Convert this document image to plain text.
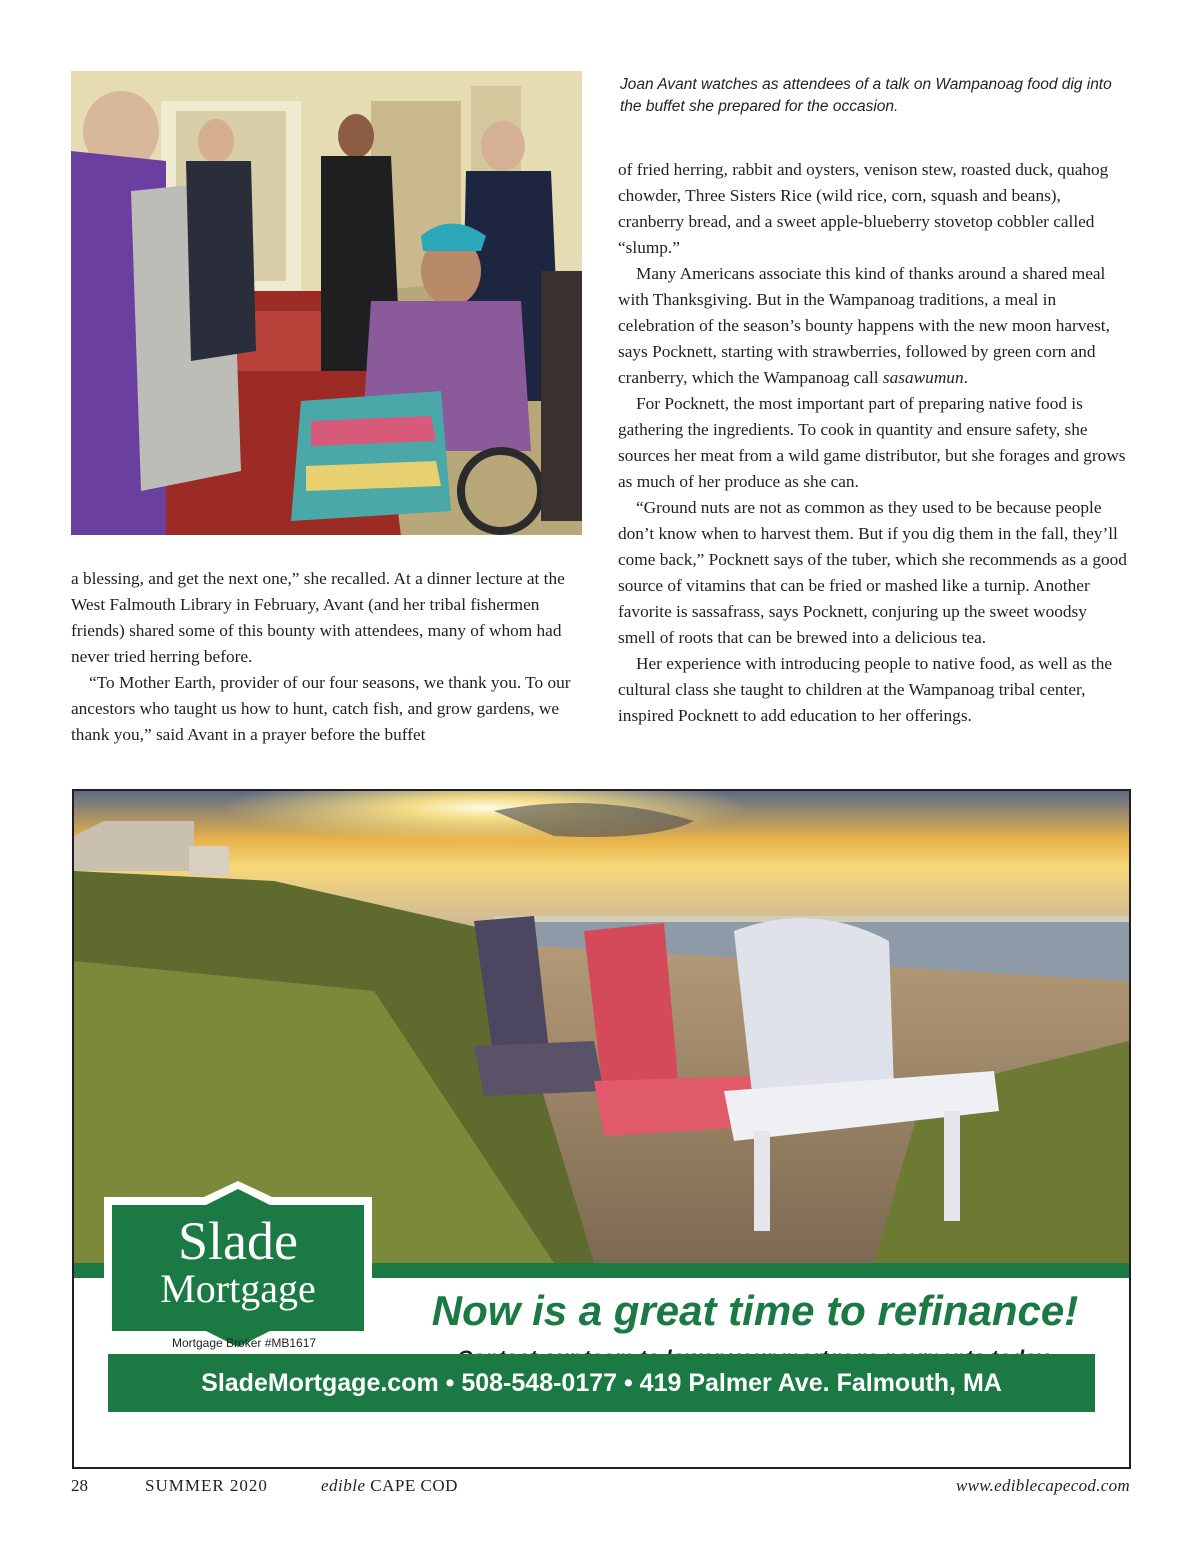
Joan Avant watches as attendees of a talk on Wampanoag food dig into the buffet she prepared for the occasion.

a blessing, and get the next one,” she recalled. At a dinner lecture at the West Falmouth Library in February, Avant (and her tribal fishermen friends) shared some of this bounty with attendees, many of whom had never tried herring before.

“To Mother Earth, provider of our four seasons, we thank you. To our ancestors who taught us how to hunt, catch fish, and grow gardens, we thank you,” said Avant in a prayer before the buffet

of fried herring, rabbit and oysters, venison stew, roasted duck, quahog chowder, Three Sisters Rice (wild rice, corn, squash and beans), cranberry bread, and a sweet apple-blueberry stovetop cobbler called “slump.”

Many Americans associate this kind of thanks around a shared meal with Thanksgiving. But in the Wampanoag traditions, a meal in celebration of the season’s bounty happens with the new moon harvest, says Pocknett, starting with strawberries, followed by green corn and cranberry, which the Wampanoag call sasawumun.

For Pocknett, the most important part of preparing native food is gathering the ingredients. To cook in quantity and ensure safety, she sources her meat from a wild game distributor, but she forages and grows as much of her produce as she can.

“Ground nuts are not as common as they used to be because people don’t know when to harvest them. But if you dig them in the fall, they’ll come back,” Pocknett says of the tuber, which she recommends as a good source of vitamins that can be fried or mashed like a turnip. Another favorite is sassafrass, says Pocknett, conjuring up the sweet woodsy smell of roots that can be brewed into a delicious tea.

Her experience with introducing people to native food, as well as the cultural class she taught to children at the Wampanoag tribal center, inspired Pocknett to add education to her offerings.

Slade
Mortgage
Mortgage Broker #MB1617
Now is a great time to refinance!
SladeMortgage.com • 508-548-0177 • 419 Palmer Ave. Falmouth, MA
28	SUMMER 2020	edible CAPE COD	www.ediblecapecod.com
